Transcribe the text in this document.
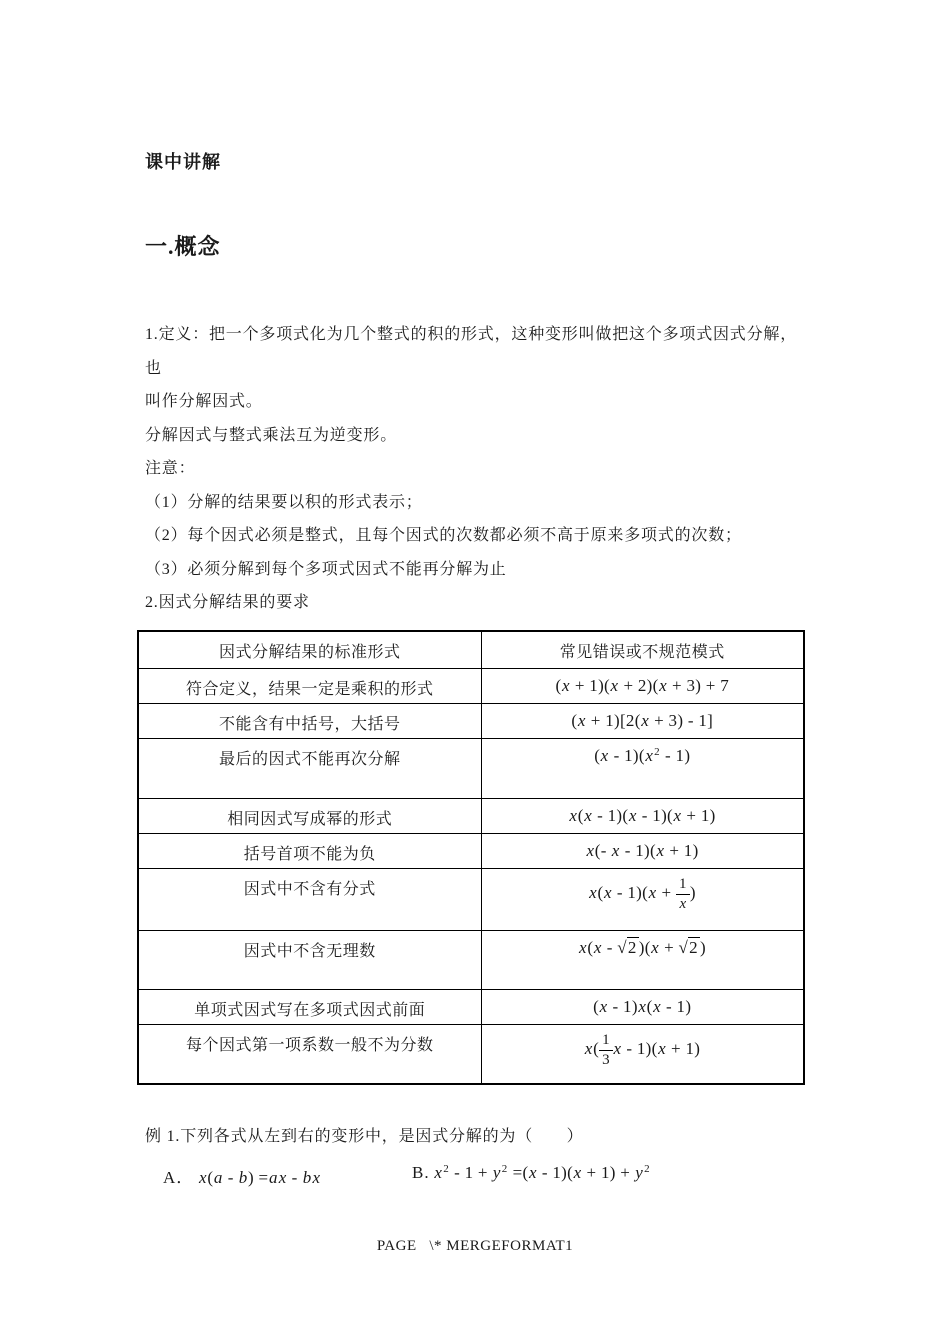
课中讲解
一.概念
1.定义：把一个多项式化为几个整式的积的形式，这种变形叫做把这个多项式因式分解，
也
叫作分解因式。
分解因式与整式乘法互为逆变形。
注意：
（1）分解的结果要以积的形式表示；
（2）每个因式必须是整式，且每个因式的次数都必须不高于原来多项式的次数；
（3）必须分解到每个多项式因式不能再分解为止
2.因式分解结果的要求
因式分解结果的标准形式	常见错误或不规范模式
符合定义，结果一定是乘积的形式	(x + 1)(x + 2)(x + 3) + 7
不能含有中括号，大括号	(x + 1)[2(x + 3) - 1]
最后的因式不能再次分解	$(x - 1)(x^2 - 1)$
相同因式写成幂的形式	x(x - 1)(x - 1)(x + 1)
括号首项不能为负	x(- x - 1)(x + 1)
因式中不含有分式	$x(x - 1)(x + \frac{1}{x}$ )
因式中不含无理数	x(x - √2 )(x + √2 )
单项式因式写在多项式因式前面	(x - 1)x(x - 1)
每个因式第一项系数一般不为分数	$x( \frac{1}{3}$ x - 1)(x + 1)
例 1.下列各式从左到右的变形中，是因式分解的为（　　）
A． x(a - b) =ax - bx	B. $x^2 - 1 + y^2 =(x - 1)(x + 1) + y^2$
PAGE   \* MERGEFORMAT1
